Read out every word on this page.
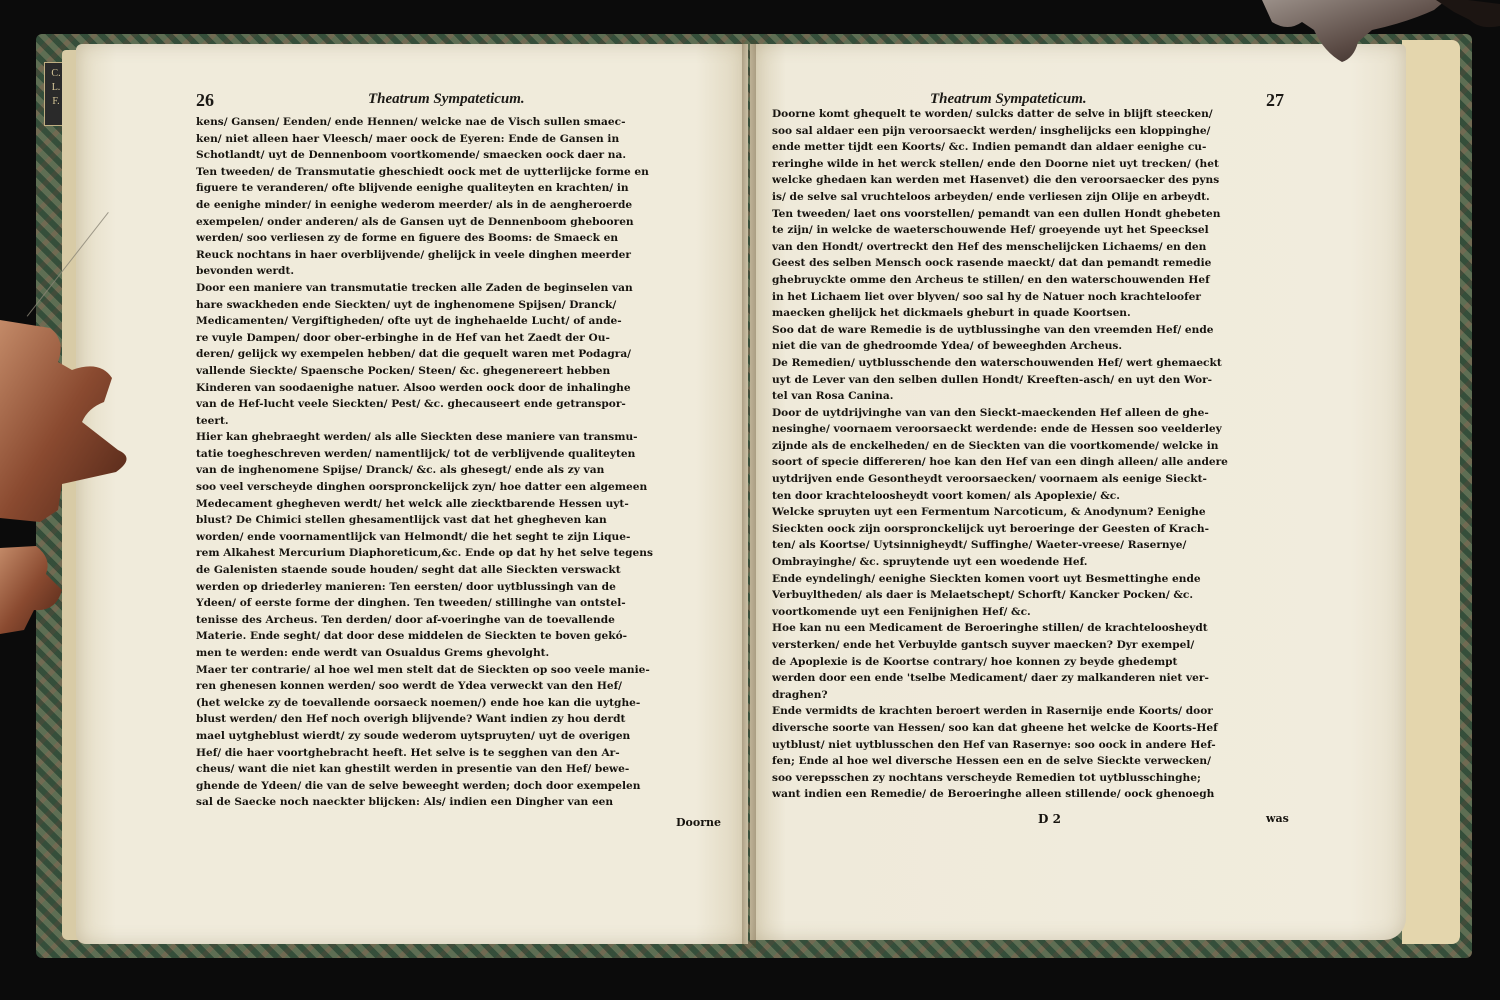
C.
L.
F.	26	Theatrum Sympateticum.
kens/ Gansen/ Eenden/ ende Hennen/ welcke nae de Visch sullen smaec-
ken/ niet alleen haer Vleesch/ maer oock de Eyeren: Ende de Gansen in
Schotlandt/ uyt de Dennenboom voortkomende/ smaecken oock daer na.
Ten tweeden/ de Transmutatie gheschiedt oock met de uytterlijcke forme en
figuere te veranderen/ ofte blijvende eenighe qualiteyten en krachten/ in
de eenighe minder/ in eenighe wederom meerder/ als in de aengheroerde
exempelen/ onder anderen/ als de Gansen uyt de Dennenboom ghebooren
werden/ soo verliesen zy de forme en figuere des Booms: de Smaeck en
Reuck nochtans in haer overblijvende/ ghelijck in veele dinghen meerder
bevonden werdt.
Door een maniere van transmutatie trecken alle Zaden de beginselen van
hare swackheden ende Sieckten/ uyt de inghenomene Spijsen/ Dranck/
Medicamenten/ Vergiftigheden/ ofte uyt de inghehaelde Lucht/ of ande-
re vuyle Dampen/ door ober-erbinghe in de Hef van het Zaedt der Ou-
deren/ gelijck wy exempelen hebben/ dat die gequelt waren met Podagra/
vallende Sieckte/ Spaensche Pocken/ Steen/ &c. ghegenereert hebben
Kinderen van soodaenighe natuer. Alsoo werden oock door de inhalinghe
van de Hef-lucht veele Sieckten/ Pest/ &c. ghecauseert ende getranspor-
teert.
Hier kan ghebraeght werden/ als alle Sieckten dese maniere van transmu-
tatie toegheschreven werden/ namentlijck/ tot de verblijvende qualiteyten
van de inghenomene Spijse/ Dranck/ &c. als ghesegt/ ende als zy van
soo veel verscheyde dinghen oorspronckelijck zyn/ hoe datter een algemeen
Medecament ghegheven werdt/ het welck alle ziecktbarende Hessen uyt-
blust? De Chimici stellen ghesamentlijck vast dat het ghegheven kan
worden/ ende voornamentlijck van Helmondt/ die het seght te zijn Lique-
rem Alkahest Mercurium Diaphoreticum,&c. Ende op dat hy het selve tegens
de Galenisten staende soude houden/ seght dat alle Sieckten verswackt
werden op driederley manieren: Ten eersten/ door uytblussingh van de
Ydeen/ of eerste forme der dinghen. Ten tweeden/ stillinghe van ontstel-
tenisse des Archeus. Ten derden/ door af-voeringhe van de toevallende
Materie. Ende seght/ dat door dese middelen de Sieckten te boven gekó-
men te werden: ende werdt van Osualdus Grems ghevolght.
Maer ter contrarie/ al hoe wel men stelt dat de Sieckten op soo veele manie-
ren ghenesen konnen werden/ soo werdt de Ydea verweckt van den Hef/
(het welcke zy de toevallende oorsaeck noemen/) ende hoe kan die uytghe-
blust werden/ den Hef noch overigh blijvende? Want indien zy hou derdt
mael uytgheblust wierdt/ zy soude wederom uytspruyten/ uyt de overigen
Hef/ die haer voortghebracht heeft. Het selve is te segghen van den Ar-
cheus/ want die niet kan ghestilt werden in presentie van den Hef/ bewe-
ghende de Ydeen/ die van de selve beweeght werden; doch door exempelen
sal de Saecke noch naeckter blijcken: Als/ indien een Dingher van een
Doorne
Theatrum Sympateticum.	27
Doorne komt ghequelt te worden/ sulcks datter de selve in blijft steecken/
soo sal aldaer een pijn veroorsaeckt werden/ insghelijcks een kloppinghe/
ende metter tijdt een Koorts/ &c. Indien pemandt dan aldaer eenighe cu-
reringhe wilde in het werck stellen/ ende den Doorne niet uyt trecken/ (het
welcke ghedaen kan werden met Hasenvet) die den veroorsaecker des pyns
is/ de selve sal vruchteloos arbeyden/ ende verliesen zijn Olije en arbeydt.
Ten tweeden/ laet ons voorstellen/ pemandt van een dullen Hondt ghebeten
te zijn/ in welcke de waeterschouwende Hef/ groeyende uyt het Speecksel
van den Hondt/ overtreckt den Hef des menschelijcken Lichaems/ en den
Geest des selben Mensch oock rasende maeckt/ dat dan pemandt remedie
ghebruyckte omme den Archeus te stillen/ en den waterschouwenden Hef
in het Lichaem liet over blyven/ soo sal hy de Natuer noch krachteloofer
maecken ghelijck het dickmaels gheburt in quade Koortsen.
Soo dat de ware Remedie is de uytblussinghe van den vreemden Hef/ ende
niet die van de ghedroomde Ydea/ of beweeghden Archeus.
De Remedien/ uytblusschende den waterschouwenden Hef/ wert ghemaeckt
uyt de Lever van den selben dullen Hondt/ Kreeften-asch/ en uyt den Wor-
tel van Rosa Canina.
Door de uytdrijvinghe van van den Sieckt-maeckenden Hef alleen de ghe-
nesinghe/ voornaem veroorsaeckt werdende: ende de Hessen soo veelderley
zijnde als de enckelheden/ en de Sieckten van die voortkomende/ welcke in
soort of specie differeren/ hoe kan den Hef van een dingh alleen/ alle andere
uytdrijven ende Gesontheydt veroorsaecken/ voornaem als eenige Sieckt-
ten door krachteloosheydt voort komen/ als Apoplexie/ &c.
Welcke spruyten uyt een Fermentum Narcoticum, & Anodynum? Eenighe
Sieckten oock zijn oorspronckelijck uyt beroeringe der Geesten of Krach-
ten/ als Koortse/ Uytsinnigheydt/ Suffinghe/ Waeter-vreese/ Rasernye/
Ombrayinghe/ &c. spruytende uyt een woedende Hef.
Ende eyndelingh/ eenighe Sieckten komen voort uyt Besmettinghe ende
Verbuyltheden/ als daer is Melaetschept/ Schorft/ Kancker Pocken/ &c.
voortkomende uyt een Fenijnighen Hef/ &c.
Hoe kan nu een Medicament de Beroeringhe stillen/ de krachteloosheydt
versterken/ ende het Verbuylde gantsch suyver maecken? Dyr exempel/
de Apoplexie is de Koortse contrary/ hoe konnen zy beyde ghedempt
werden door een ende 'tselbe Medicament/ daer zy malkanderen niet ver-
draghen?
Ende vermidts de krachten beroert werden in Rasernije ende Koorts/ door
diversche soorte van Hessen/ soo kan dat gheene het welcke de Koorts-Hef
uytblust/ niet uytblusschen den Hef van Rasernye: soo oock in andere Hef-
fen; Ende al hoe wel diversche Hessen een en de selve Sieckte verwecken/
soo verepsschen zy nochtans verscheyde Remedien tot uytblusschinghe;
want indien een Remedie/ de Beroeringhe alleen stillende/ oock ghenoegh
D 2	was
